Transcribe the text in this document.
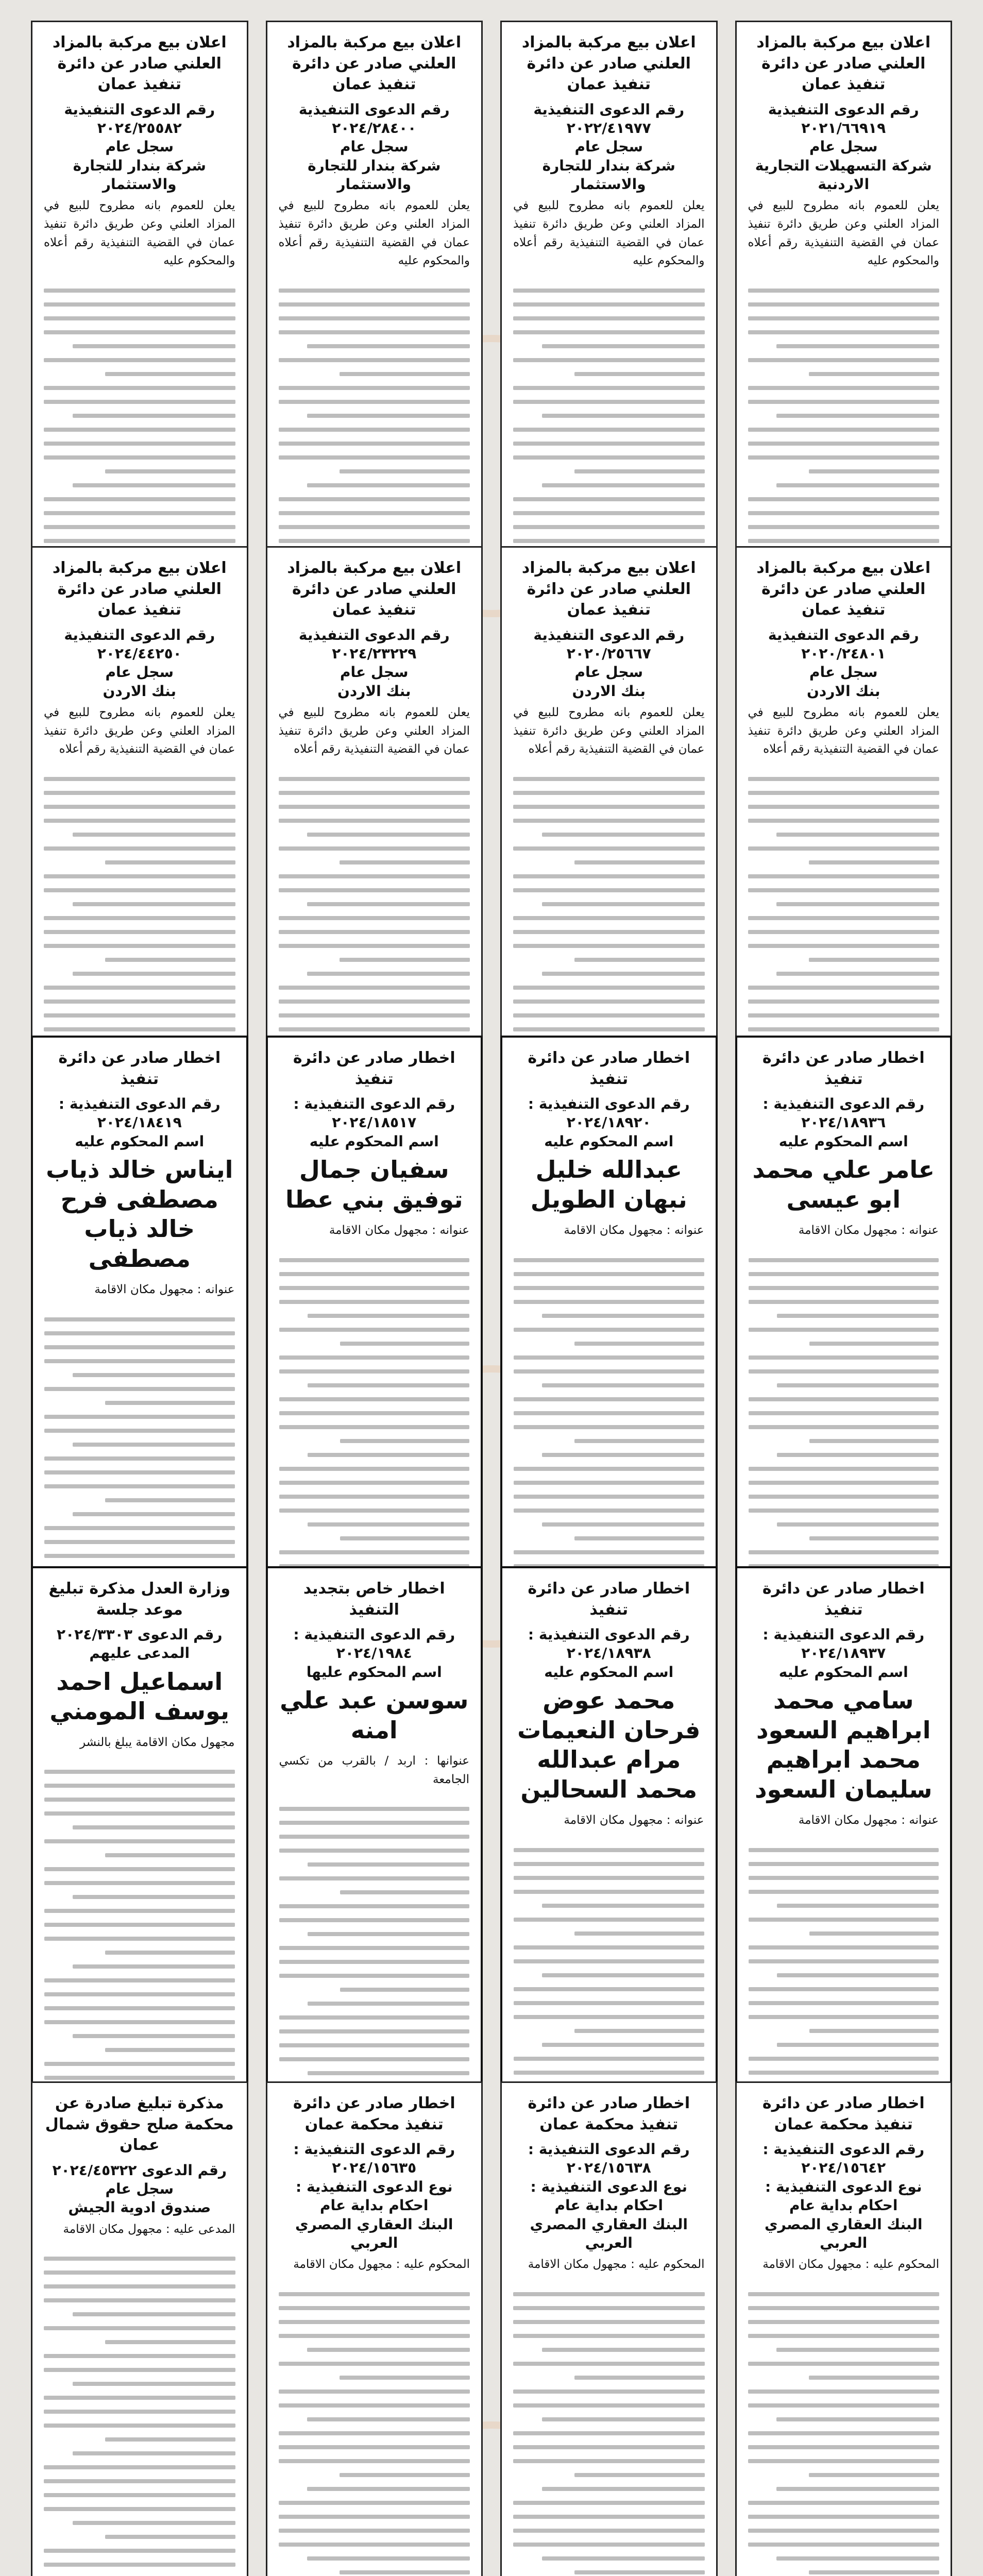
اعلان بيع مركبة بالمزاد العلني صادر عن دائرة تنفيذ عمان
رقم الدعوى التنفيذية ٢٠٢١/٦٦٩١٩
سجل عام
شركة التسهيلات التجارية الاردنية
يعلن للعموم بانه مطروح للبيع في المزاد العلني وعن طريق دائرة تنفيذ عمان في القضية التنفيذية رقم أعلاه والمحكوم عليه
اعلان بيع مركبة بالمزاد العلني صادر عن دائرة تنفيذ عمان
رقم الدعوى التنفيذية ٢٠٢٢/٤١٩٧٧
سجل عام
شركة بندار للتجارة والاستثمار
يعلن للعموم بانه مطروح للبيع في المزاد العلني وعن طريق دائرة تنفيذ عمان في القضية التنفيذية رقم أعلاه والمحكوم عليه
اعلان بيع مركبة بالمزاد العلني صادر عن دائرة تنفيذ عمان
رقم الدعوى التنفيذية ٢٠٢٤/٢٨٤٠٠
سجل عام
شركة بندار للتجارة والاستثمار
يعلن للعموم بانه مطروح للبيع في المزاد العلني وعن طريق دائرة تنفيذ عمان في القضية التنفيذية رقم أعلاه والمحكوم عليه
اعلان بيع مركبة بالمزاد العلني صادر عن دائرة تنفيذ عمان
رقم الدعوى التنفيذية ٢٠٢٤/٢٥٥٨٢
سجل عام
شركة بندار للتجارة والاستثمار
يعلن للعموم بانه مطروح للبيع في المزاد العلني وعن طريق دائرة تنفيذ عمان في القضية التنفيذية رقم أعلاه والمحكوم عليه
اعلان بيع مركبة بالمزاد العلني صادر عن دائرة تنفيذ عمان
رقم الدعوى التنفيذية ٢٠٢٠/٢٤٨٠١
سجل عام
بنك الاردن
يعلن للعموم بانه مطروح للبيع في المزاد العلني وعن طريق دائرة تنفيذ عمان في القضية التنفيذية رقم أعلاه
اعلان بيع مركبة بالمزاد العلني صادر عن دائرة تنفيذ عمان
رقم الدعوى التنفيذية ٢٠٢٠/٢٥٦٦٧
سجل عام
بنك الاردن
يعلن للعموم بانه مطروح للبيع في المزاد العلني وعن طريق دائرة تنفيذ عمان في القضية التنفيذية رقم أعلاه
اعلان بيع مركبة بالمزاد العلني صادر عن دائرة تنفيذ عمان
رقم الدعوى التنفيذية ٢٠٢٤/٢٣٢٢٩
سجل عام
بنك الاردن
يعلن للعموم بانه مطروح للبيع في المزاد العلني وعن طريق دائرة تنفيذ عمان في القضية التنفيذية رقم أعلاه
اعلان بيع مركبة بالمزاد العلني صادر عن دائرة تنفيذ عمان
رقم الدعوى التنفيذية ٢٠٢٤/٤٤٢٥٠
سجل عام
بنك الاردن
يعلن للعموم بانه مطروح للبيع في المزاد العلني وعن طريق دائرة تنفيذ عمان في القضية التنفيذية رقم أعلاه
اخطار صادر عن دائرة تنفيذ
رقم الدعوى التنفيذية : ٢٠٢٤/١٨٩٣٦
اسم المحكوم عليه
عامر علي محمد ابو عيسى
عنوانه : مجهول مكان الاقامة
اخطار صادر عن دائرة تنفيذ
رقم الدعوى التنفيذية : ٢٠٢٤/١٨٩٢٠
اسم المحكوم عليه
عبدالله خليل نبهان الطويل
عنوانه : مجهول مكان الاقامة
اخطار صادر عن دائرة تنفيذ
رقم الدعوى التنفيذية : ٢٠٢٤/١٨٥١٧
اسم المحكوم عليه
سفيان جمال توفيق بني عطا
عنوانه : مجهول مكان الاقامة
اخطار صادر عن دائرة تنفيذ
رقم الدعوى التنفيذية : ٢٠٢٤/١٨٤١٩
اسم المحكوم عليه
ايناس خالد ذياب مصطفى فرح خالد ذياب مصطفى
عنوانه : مجهول مكان الاقامة
اخطار صادر عن دائرة تنفيذ
رقم الدعوى التنفيذية : ٢٠٢٤/١٨٩٣٧
اسم المحكوم عليه
سامي محمد ابراهيم السعود محمد ابراهيم سليمان السعود
عنوانه : مجهول مكان الاقامة
اخطار صادر عن دائرة تنفيذ
رقم الدعوى التنفيذية : ٢٠٢٤/١٨٩٣٨
اسم المحكوم عليه
محمد عوض فرحان النعيمات مرام عبدالله محمد السحالين
عنوانه : مجهول مكان الاقامة
اخطار خاص بتجديد التنفيذ
رقم الدعوى التنفيذية : ٢٠٢٤/١٩٨٤
اسم المحكوم عليها
سوسن عبد علي امنه
عنوانها : اربد / بالقرب من تكسي الجامعة
وزارة العدل مذكرة تبليغ موعد جلسة
رقم الدعوى ٢٠٢٤/٣٣٠٣
المدعى عليهم
اسماعيل احمد يوسف المومني
مجهول مكان الاقامة يبلغ بالنشر
اخطار صادر عن دائرة تنفيذ محكمة عمان
رقم الدعوى التنفيذية : ٢٠٢٤/١٥٦٤٢
نوع الدعوى التنفيذية : احكام بداية عام
البنك العقاري المصري العربي
المحكوم عليه : مجهول مكان الاقامة
اخطار صادر عن دائرة تنفيذ محكمة عمان
رقم الدعوى التنفيذية : ٢٠٢٤/١٥٦٣٨
نوع الدعوى التنفيذية : احكام بداية عام
البنك العقاري المصري العربي
المحكوم عليه : مجهول مكان الاقامة
اخطار صادر عن دائرة تنفيذ محكمة عمان
رقم الدعوى التنفيذية : ٢٠٢٤/١٥٦٣٥
نوع الدعوى التنفيذية : احكام بداية عام
البنك العقاري المصري العربي
المحكوم عليه : مجهول مكان الاقامة
مذكرة تبليغ صادرة عن محكمة صلح حقوق شمال عمان
رقم الدعوى ٢٠٢٤/٤٥٣٢٢
سجل عام
صندوق ادوية الجيش
المدعى عليه : مجهول مكان الاقامة
